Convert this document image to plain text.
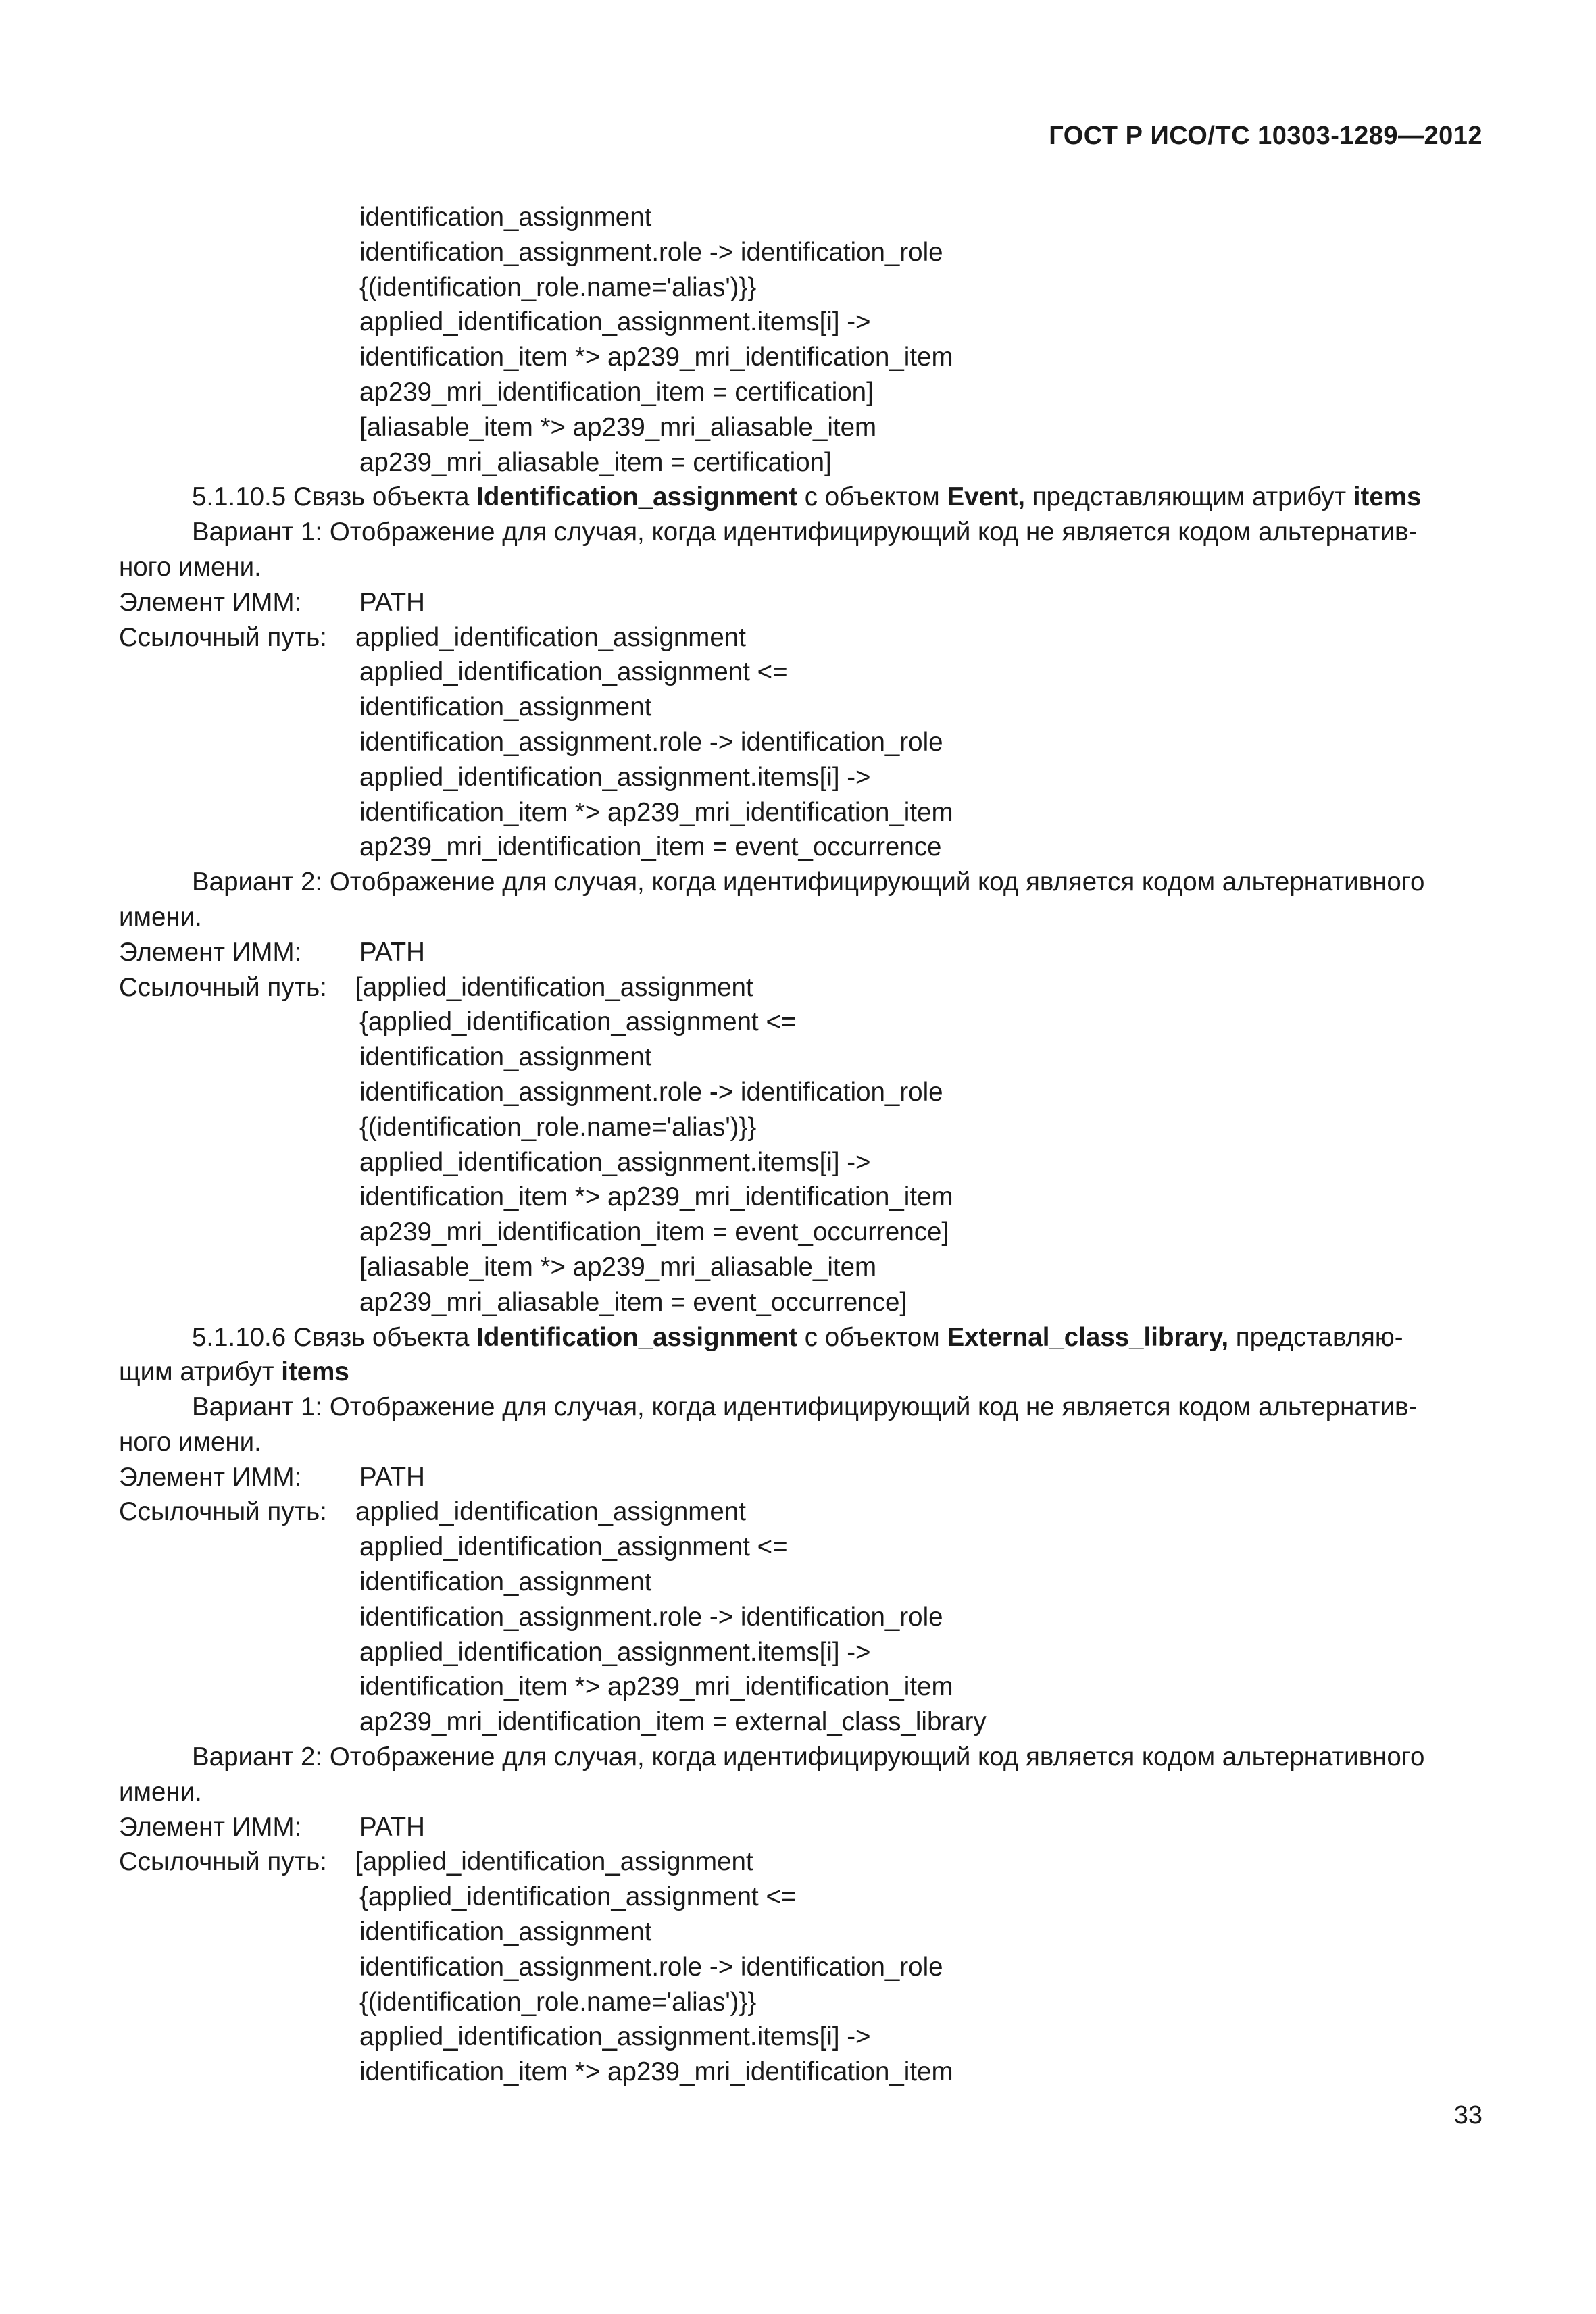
ГОСТ Р ИСО/ТС 10303-1289—2012

identification_assignment

identification_assignment.role -> identification_role

{(identification_role.name='alias')}}

applied_identification_assignment.items[i] ->

identification_item *> ap239_mri_identification_item

ap239_mri_identification_item = certification]

[aliasable_item *> ap239_mri_aliasable_item

ap239_mri_aliasable_item = certification]

5.1.10.5 Связь объекта Identification_assignment с объектом Event, представляющим атрибут items

Вариант 1: Отображение для случая, когда идентифицирующий код не является кодом альтернатив-

ного имени.

Элемент ИММ:	PATH

Ссылочный путь:	applied_identification_assignment

applied_identification_assignment <=

identification_assignment

identification_assignment.role -> identification_role

applied_identification_assignment.items[i] ->

identification_item *> ap239_mri_identification_item

ap239_mri_identification_item = event_occurrence

Вариант 2: Отображение для случая, когда идентифицирующий код является кодом альтернативного

имени.

Элемент ИММ:	PATH

Ссылочный путь:	[applied_identification_assignment

{applied_identification_assignment <=

identification_assignment

identification_assignment.role -> identification_role

{(identification_role.name='alias')}}

applied_identification_assignment.items[i] ->

identification_item *> ap239_mri_identification_item

ap239_mri_identification_item = event_occurrence]

[aliasable_item *> ap239_mri_aliasable_item

ap239_mri_aliasable_item = event_occurrence]

5.1.10.6 Связь объекта Identification_assignment с объектом External_class_library, представляю-

щим атрибут items

Вариант 1: Отображение для случая, когда идентифицирующий код не является кодом альтернатив-

ного имени.

Элемент ИММ:	PATH

Ссылочный путь:	applied_identification_assignment

applied_identification_assignment <=

identification_assignment

identification_assignment.role -> identification_role

applied_identification_assignment.items[i] ->

identification_item *> ap239_mri_identification_item

ap239_mri_identification_item = external_class_library

Вариант 2: Отображение для случая, когда идентифицирующий код является кодом альтернативного

имени.

Элемент ИММ:	PATH

Ссылочный путь:	[applied_identification_assignment

{applied_identification_assignment <=

identification_assignment

identification_assignment.role -> identification_role

{(identification_role.name='alias')}}

applied_identification_assignment.items[i] ->

identification_item *> ap239_mri_identification_item

33
